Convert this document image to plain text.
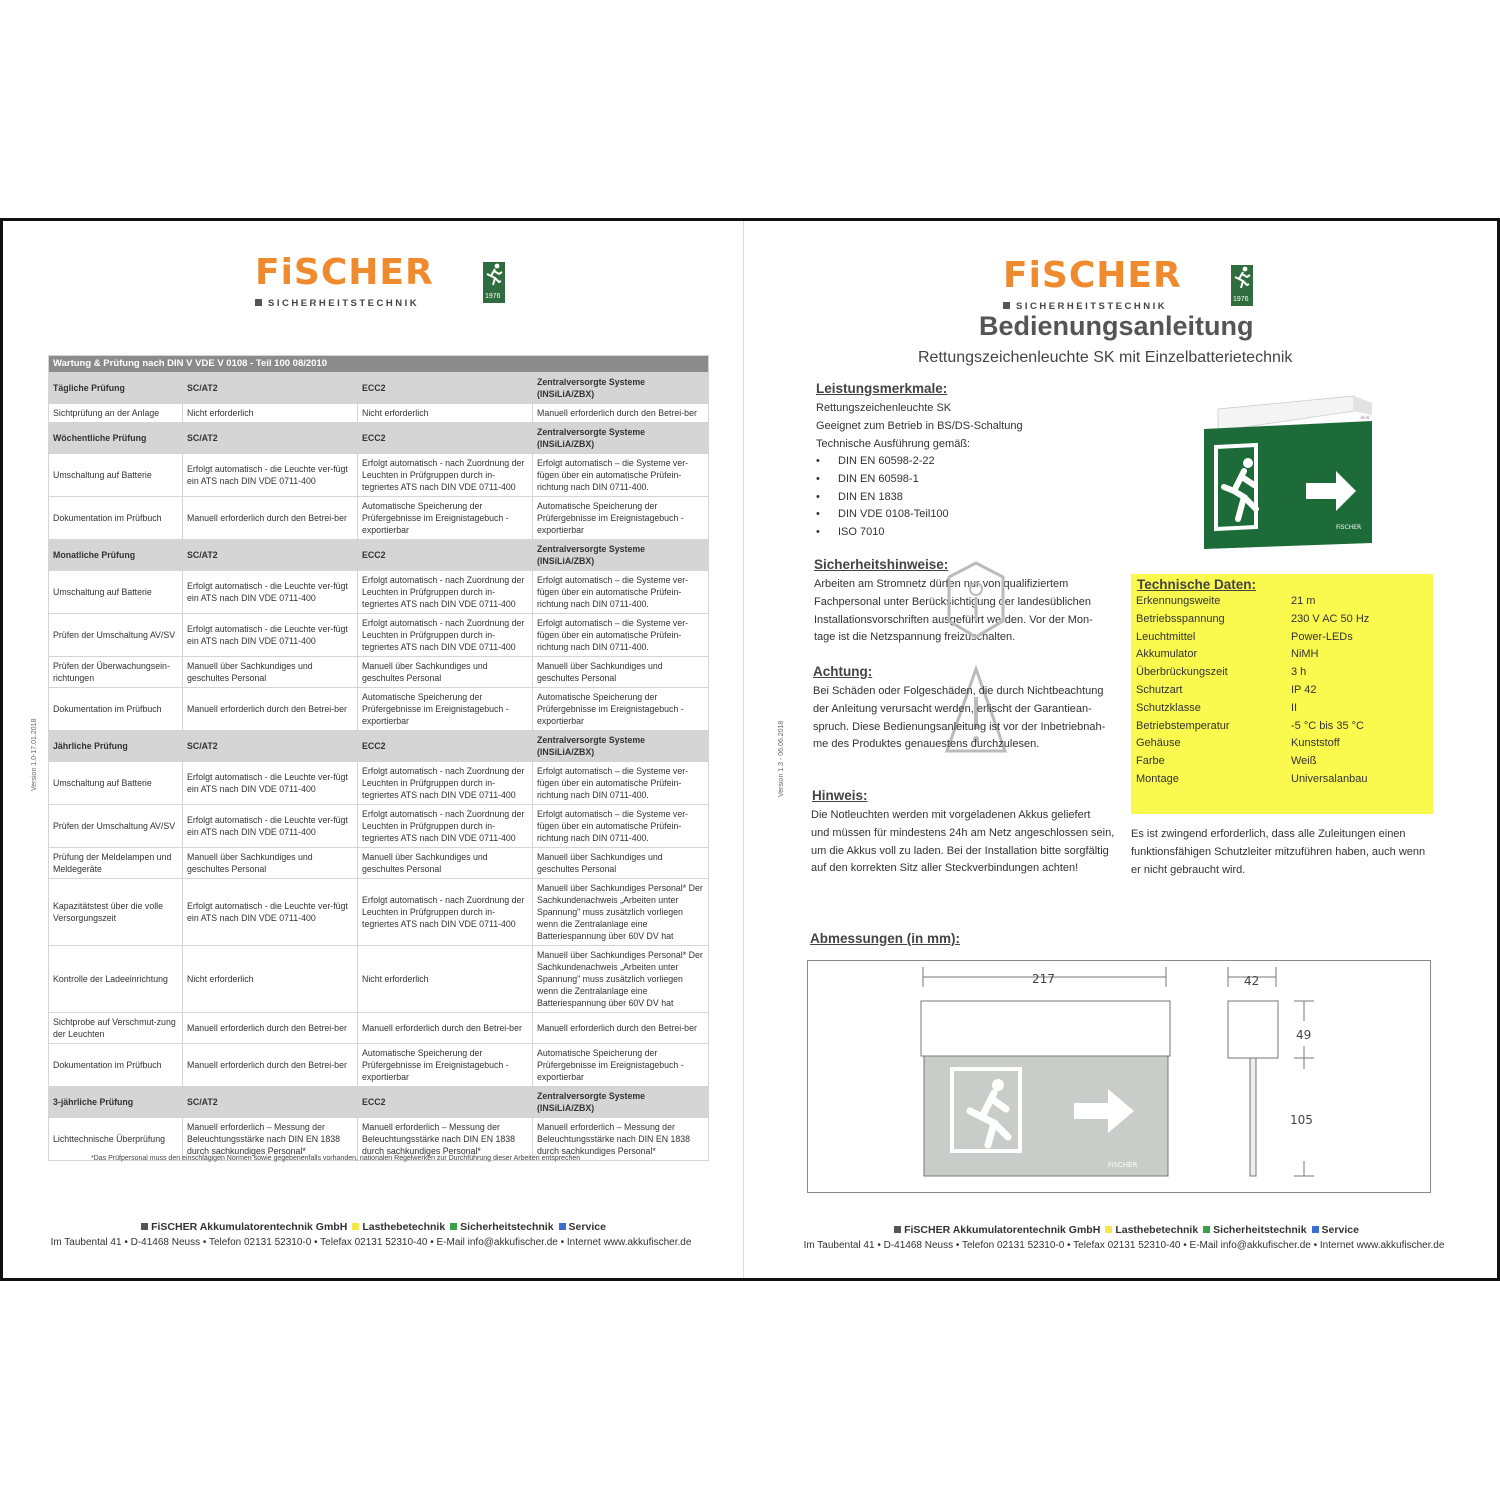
FiSCHER
SICHERHEITSTECHNIK
1976
Version 1.0-17.01.2018
Wartung & Prüfung nach DIN V VDE V 0108 - Teil 100 08/2010			
Tägliche Prüfung	SC/AT2	ECC2	Zentralversorgte Systeme (INSiLiA/ZBX)
Sichtprüfung an der Anlage	Nicht erforderlich	Nicht erforderlich	Manuell erforderlich durch den Betrei-ber
Wöchentliche Prüfung	SC/AT2	ECC2	Zentralversorgte Systeme (INSiLiA/ZBX)
Umschaltung auf Batterie	Erfolgt automatisch - die Leuchte ver-fügt ein ATS nach DIN VDE 0711-400	Erfolgt automatisch - nach Zuordnung der Leuchten in Prüfgruppen durch in-tegriertes ATS nach DIN VDE 0711-400	Erfolgt automatisch – die Systeme ver-fügen über ein automatische Prüfein-richtung nach DIN 0711-400.
Dokumentation im Prüfbuch	Manuell erforderlich durch den Betrei-ber	Automatische Speicherung der Prüfergebnisse im Ereignistagebuch - exportierbar	Automatische Speicherung der Prüfergebnisse im Ereignistagebuch - exportierbar
Monatliche Prüfung	SC/AT2	ECC2	Zentralversorgte Systeme (INSiLiA/ZBX)
Umschaltung auf Batterie	Erfolgt automatisch - die Leuchte ver-fügt ein ATS nach DIN VDE 0711-400	Erfolgt automatisch - nach Zuordnung der Leuchten in Prüfgruppen durch in-tegriertes ATS nach DIN VDE 0711-400	Erfolgt automatisch – die Systeme ver-fügen über ein automatische Prüfein-richtung nach DIN 0711-400.
Prüfen der Umschaltung AV/SV	Erfolgt automatisch - die Leuchte ver-fügt ein ATS nach DIN VDE 0711-400	Erfolgt automatisch - nach Zuordnung der Leuchten in Prüfgruppen durch in-tegriertes ATS nach DIN VDE 0711-400	Erfolgt automatisch – die Systeme ver-fügen über ein automatische Prüfein-richtung nach DIN 0711-400.
Prüfen der Überwachungsein-richtungen	Manuell über Sachkundiges und geschultes Personal	Manuell über Sachkundiges und geschultes Personal	Manuell über Sachkundiges und geschultes Personal
Dokumentation im Prüfbuch	Manuell erforderlich durch den Betrei-ber	Automatische Speicherung der Prüfergebnisse im Ereignistagebuch - exportierbar	Automatische Speicherung der Prüfergebnisse im Ereignistagebuch - exportierbar
Jährliche Prüfung	SC/AT2	ECC2	Zentralversorgte Systeme (INSiLiA/ZBX)
Umschaltung auf Batterie	Erfolgt automatisch - die Leuchte ver-fügt ein ATS nach DIN VDE 0711-400	Erfolgt automatisch - nach Zuordnung der Leuchten in Prüfgruppen durch in-tegriertes ATS nach DIN VDE 0711-400	Erfolgt automatisch – die Systeme ver-fügen über ein automatische Prüfein-richtung nach DIN 0711-400.
Prüfen der Umschaltung AV/SV	Erfolgt automatisch - die Leuchte ver-fügt ein ATS nach DIN VDE 0711-400	Erfolgt automatisch - nach Zuordnung der Leuchten in Prüfgruppen durch in-tegriertes ATS nach DIN VDE 0711-400	Erfolgt automatisch – die Systeme ver-fügen über ein automatische Prüfein-richtung nach DIN 0711-400.
Prüfung der Meldelampen und Meldegeräte	Manuell über Sachkundiges und geschultes Personal	Manuell über Sachkundiges und geschultes Personal	Manuell über Sachkundiges und geschultes Personal
Kapazitätstest über die volle Versorgungszeit	Erfolgt automatisch - die Leuchte ver-fügt ein ATS nach DIN VDE 0711-400	Erfolgt automatisch - nach Zuordnung der Leuchten in Prüfgruppen durch in-tegriertes ATS nach DIN VDE 0711-400	Manuell über Sachkundiges Personal* Der Sachkundenachweis „Arbeiten unter Spannung" muss zusätzlich vorliegen wenn die Zentralanlage eine Batteriespannung über 60V DV hat
Kontrolle der Ladeeinrichtung	Nicht erforderlich	Nicht erforderlich	Manuell über Sachkundiges Personal* Der Sachkundenachweis „Arbeiten unter Spannung" muss zusätzlich vorliegen wenn die Zentralanlage eine Batteriespannung über 60V DV hat
Sichtprobe auf Verschmut-zung der Leuchten	Manuell erforderlich durch den Betrei-ber	Manuell erforderlich durch den Betrei-ber	Manuell erforderlich durch den Betrei-ber
Dokumentation im Prüfbuch	Manuell erforderlich durch den Betrei-ber	Automatische Speicherung der Prüfergebnisse im Ereignistagebuch - exportierbar	Automatische Speicherung der Prüfergebnisse im Ereignistagebuch - exportierbar
3-jährliche Prüfung	SC/AT2	ECC2	Zentralversorgte Systeme (INSiLiA/ZBX)
Lichttechnische Überprüfung	Manuell erforderlich – Messung der Beleuchtungsstärke nach DIN EN 1838 durch sachkundiges Personal*	Manuell erforderlich – Messung der Beleuchtungsstärke nach DIN EN 1838 durch sachkundiges Personal*	Manuell erforderlich – Messung der Beleuchtungsstärke nach DIN EN 1838 durch sachkundiges Personal*
*Das Prüfpersonal muss den einschlägigen Normen sowie gegebenenfalls vorhanden, nationalen Regelwerken zur Durchführung dieser Arbeiten entsprechen
FiSCHER Akkumulatorentechnik GmbH Lasthebetechnik Sicherheitstechnik Service
Im Taubental 41 • D-41468 Neuss • Telefon 02131 52310-0 • Telefax 02131 52310-40 • E-Mail info@akkufischer.de • Internet www.akkufischer.de
FiSCHER
SICHERHEITSTECHNIK
1976
Version 1.3 - 06.06.2018
Bedienungsanleitung
Rettungszeichenleuchte SK mit Einzelbatterietechnik
Leistungsmerkmale:
Rettungszeichenleuchte SK
Geeignet zum Betrieb in BS/DS-Schaltung
Technische Ausführung gemäß:
• DIN EN 60598-2-22
• DIN EN 60598-1
• DIN EN 1838
• DIN VDE 0108-Teil100
• ISO 7010
≡≡
FiSCHER
Sicherheitshinweise:
Arbeiten am Stromnetz dürfen nur von qualifiziertem
Fachpersonal unter Berücksichtigung der landesüblichen
Installationsvorschriften ausgeführt werden. Vor der Mon-
tage ist die Netzspannung freizuschalten.
Achtung:
Bei Schäden oder Folgeschäden, die durch Nichtbeachtung
der Anleitung verursacht werden, erlischt der Garantiean-
spruch. Diese Bedienungsanleitung ist vor der Inbetriebnah-
me des Produktes genauestens durchzulesen.
Hinweis:
Die Notleuchten werden mit vorgeladenen Akkus geliefert
und müssen für mindestens 24h am Netz angeschlossen sein,
um die Akkus voll zu laden. Bei der Installation bitte sorgfältig
auf den korrekten Sitz aller Steckverbindungen achten!
Technische Daten:
Erkennungsweite	21 m
Betriebsspannung	230 V AC 50 Hz
Leuchtmittel	Power-LEDs
Akkumulator	NiMH
Überbrückungszeit	3 h
Schutzart	IP 42
Schutzklasse	II
Betriebstemperatur	-5 °C bis 35 °C
Gehäuse	Kunststoff
Farbe	Weiß
Montage	Universalanbau
Es ist zwingend erforderlich, dass alle Zuleitungen einen
funktionsfähigen Schutzleiter mitzuführen haben, auch wenn
er nicht gebraucht wird.
Abmessungen (in mm):
FiSCHER
217	42
49
105
FiSCHER Akkumulatorentechnik GmbH Lasthebetechnik Sicherheitstechnik Service
Im Taubental 41 • D-41468 Neuss • Telefon 02131 52310-0 • Telefax 02131 52310-40 • E-Mail info@akkufischer.de • Internet www.akkufischer.de
